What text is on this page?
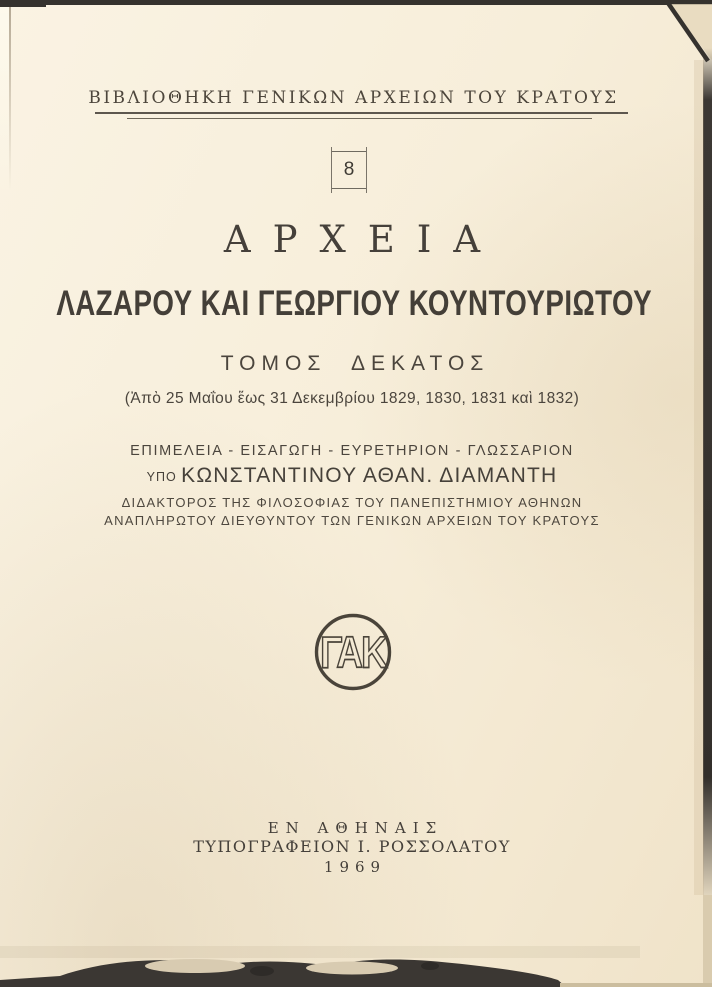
ΒΙΒΛΙΟΘΗΚΗ ΓΕΝΙΚΩΝ ΑΡΧΕΙΩΝ ΤΟΥ ΚΡΑΤΟΥΣ
8
ΑΡΧΕΙΑ
ΛΑΖΑΡΟΥ ΚΑΙ ΓΕΩΡΓΙΟΥ ΚΟΥΝΤΟΥΡΙΩΤΟΥ
ΤΟΜΟΣ ΔΕΚΑΤΟΣ
(Ἀπὸ 25 Μαΐου ἕως 31 Δεκεμβρίου 1829, 1830, 1831 καὶ 1832)
ΕΠΙΜΕΛΕΙΑ - ΕΙΣΑΓΩΓΗ - ΕΥΡΕΤΗΡΙΟΝ - ΓΛΩΣΣΑΡΙΟΝ
ΥΠΟ ΚΩΝΣΤΑΝΤΙΝΟΥ ΑΘΑΝ. ΔΙΑΜΑΝΤΗ
ΔΙΔΑΚΤΟΡΟΣ ΤΗΣ ΦΙΛΟΣΟΦΙΑΣ ΤΟΥ ΠΑΝΕΠΙΣΤΗΜΙΟΥ ΑΘΗΝΩΝ
ΑΝΑΠΛΗΡΩΤΟΥ ΔΙΕΥΘΥΝΤΟΥ ΤΩΝ ΓΕΝΙΚΩΝ ΑΡΧΕΙΩΝ ΤΟΥ ΚΡΑΤΟΥΣ
ΓΑΚ
ΕΝ ΑΘΗΝΑΙΣ
ΤΥΠΟΓΡΑΦΕΙΟΝ Ι. ΡΟΣΣΟΛΑΤΟΥ
1969
